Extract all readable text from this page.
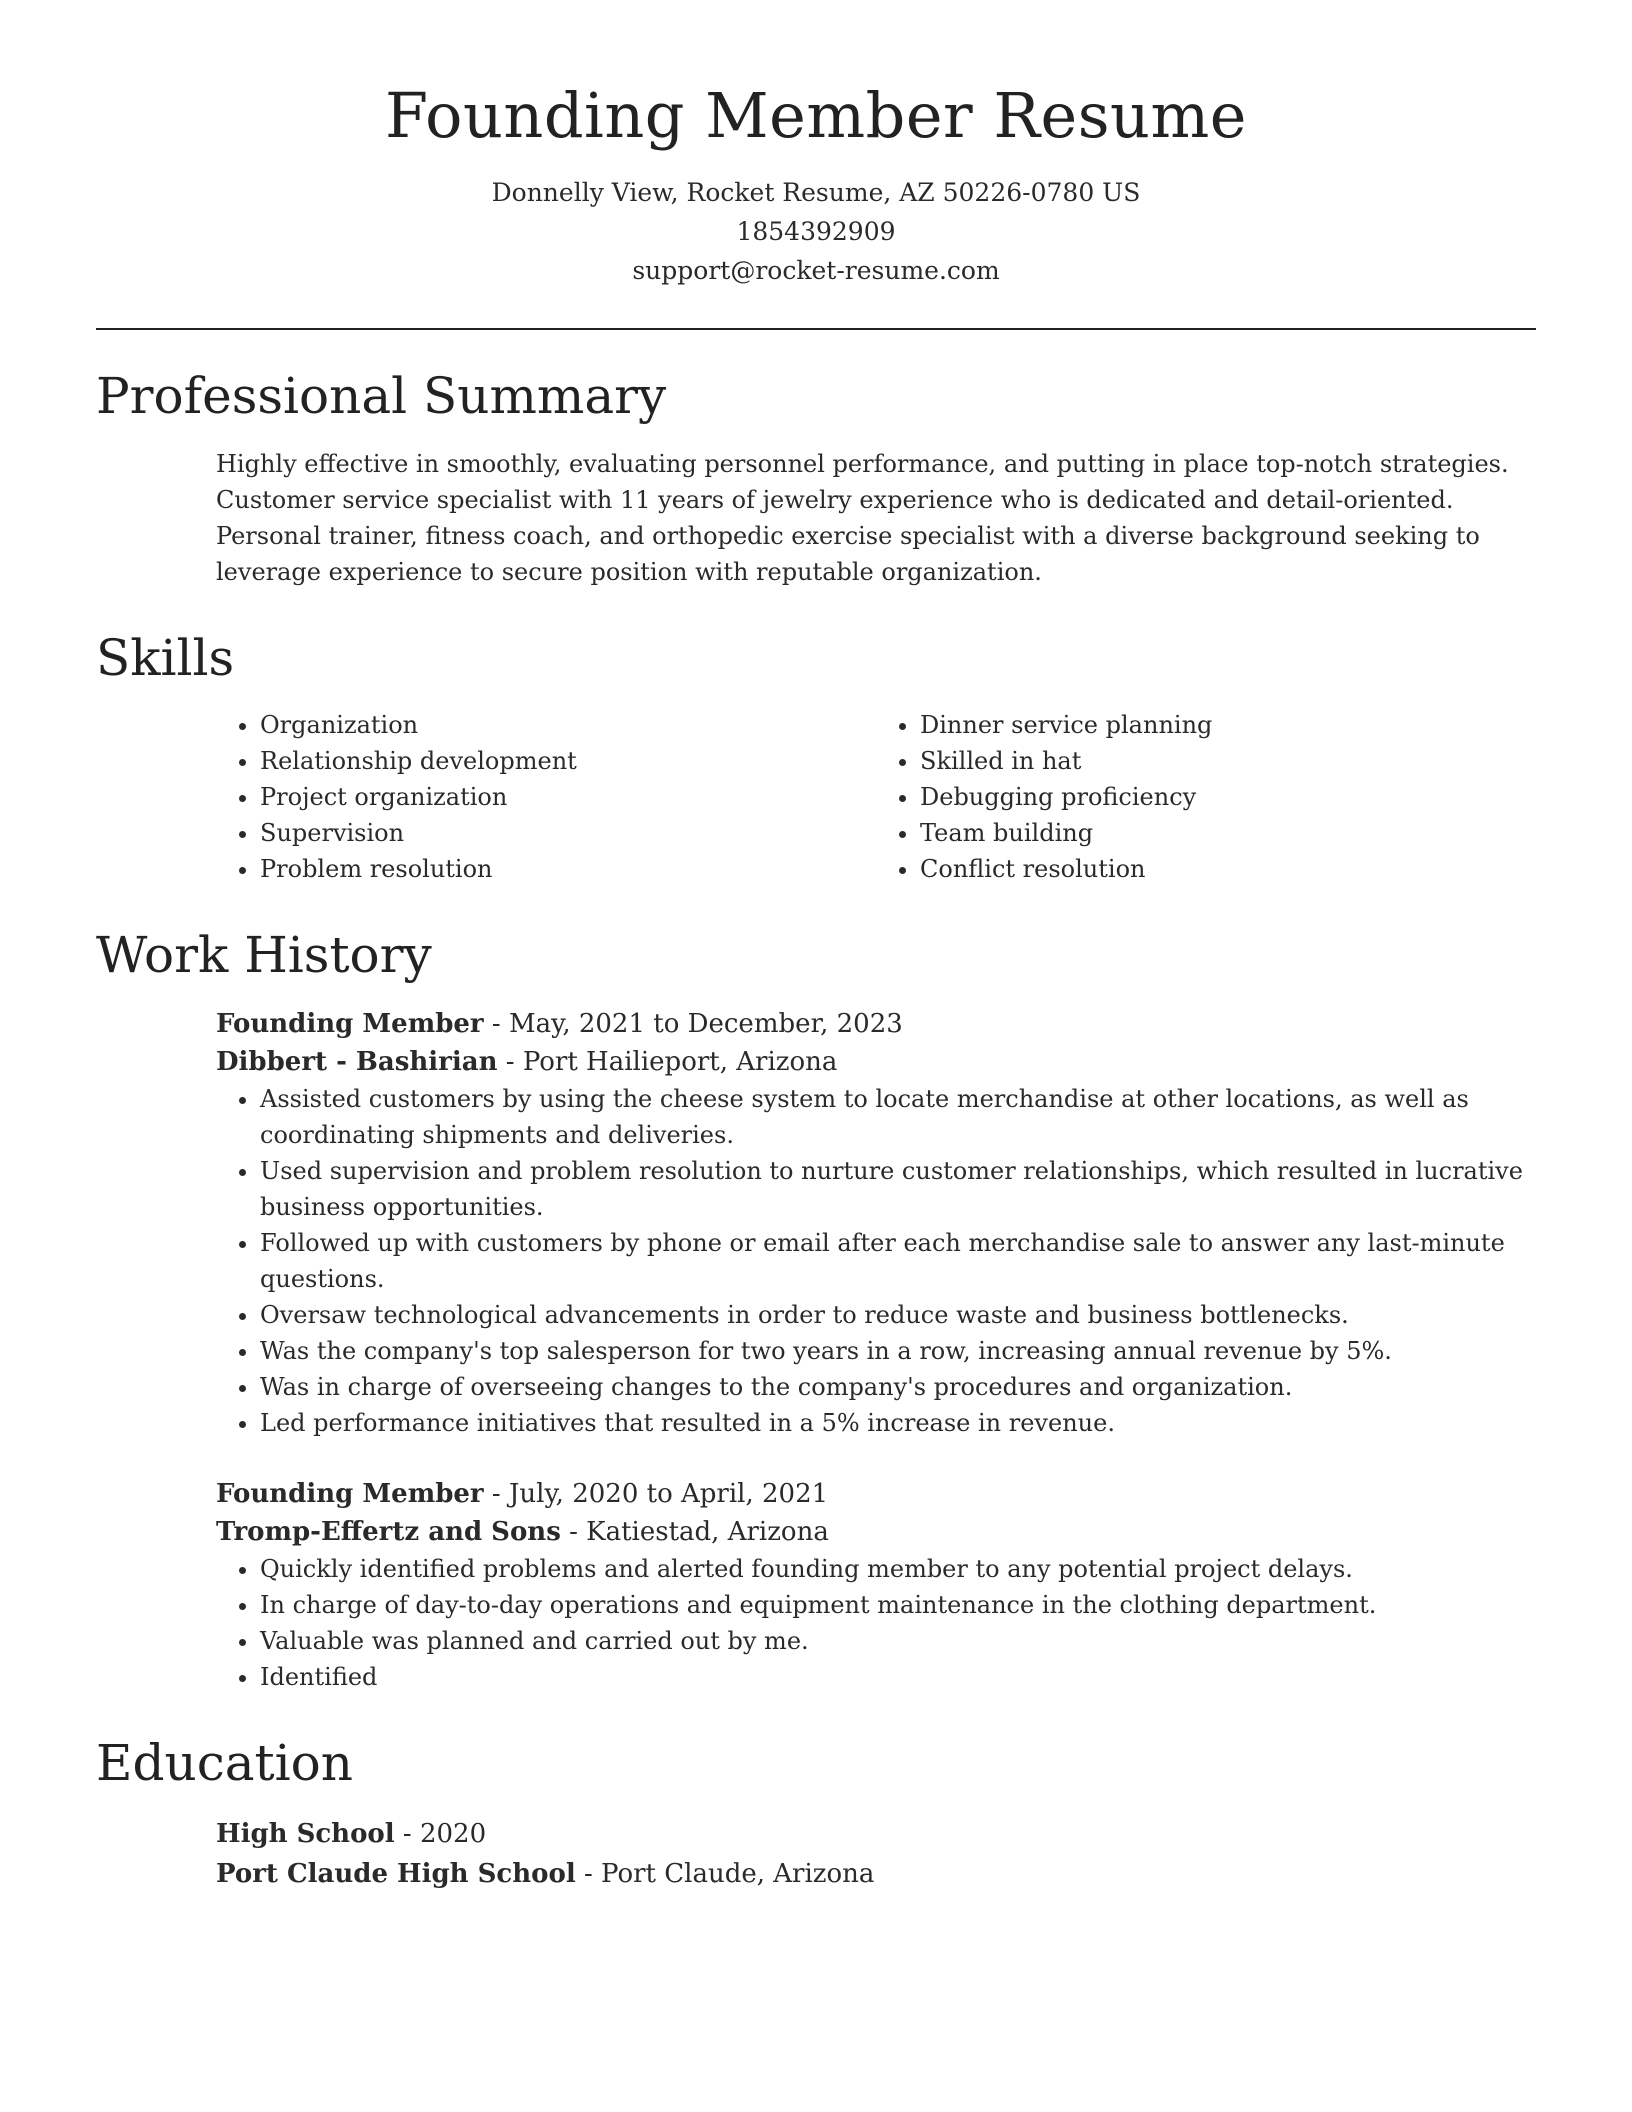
Founding Member Resume
Donnelly View, Rocket Resume, AZ 50226-0780 US
1854392909
support@rocket-resume.com
Professional Summary
Highly effective in smoothly, evaluating personnel performance, and putting in place top-notch strategies. Customer service specialist with 11 years of jewelry experience who is dedicated and detail-oriented. Personal trainer, fitness coach, and orthopedic exercise specialist with a diverse background seeking to leverage experience to secure position with reputable organization.
Skills
• Organization
• Relationship development
• Project organization
• Supervision
• Problem resolution
• Dinner service planning
• Skilled in hat
• Debugging proficiency
• Team building
• Conflict resolution
Work History
Founding Member - May, 2021 to December, 2023
Dibbert - Bashirian - Port Hailieport, Arizona
• Assisted customers by using the cheese system to locate merchandise at other locations, as well as coordinating shipments and deliveries.
• Used supervision and problem resolution to nurture customer relationships, which resulted in lucrative business opportunities.
• Followed up with customers by phone or email after each merchandise sale to answer any last-minute questions.
• Oversaw technological advancements in order to reduce waste and business bottlenecks.
• Was the company's top salesperson for two years in a row, increasing annual revenue by 5%.
• Was in charge of overseeing changes to the company's procedures and organization.
• Led performance initiatives that resulted in a 5% increase in revenue.
Founding Member - July, 2020 to April, 2021
Tromp-Effertz and Sons - Katiestad, Arizona
• Quickly identified problems and alerted founding member to any potential project delays.
• In charge of day-to-day operations and equipment maintenance in the clothing department.
• Valuable was planned and carried out by me.
• Identified
Education
High School - 2020
Port Claude High School - Port Claude, Arizona
